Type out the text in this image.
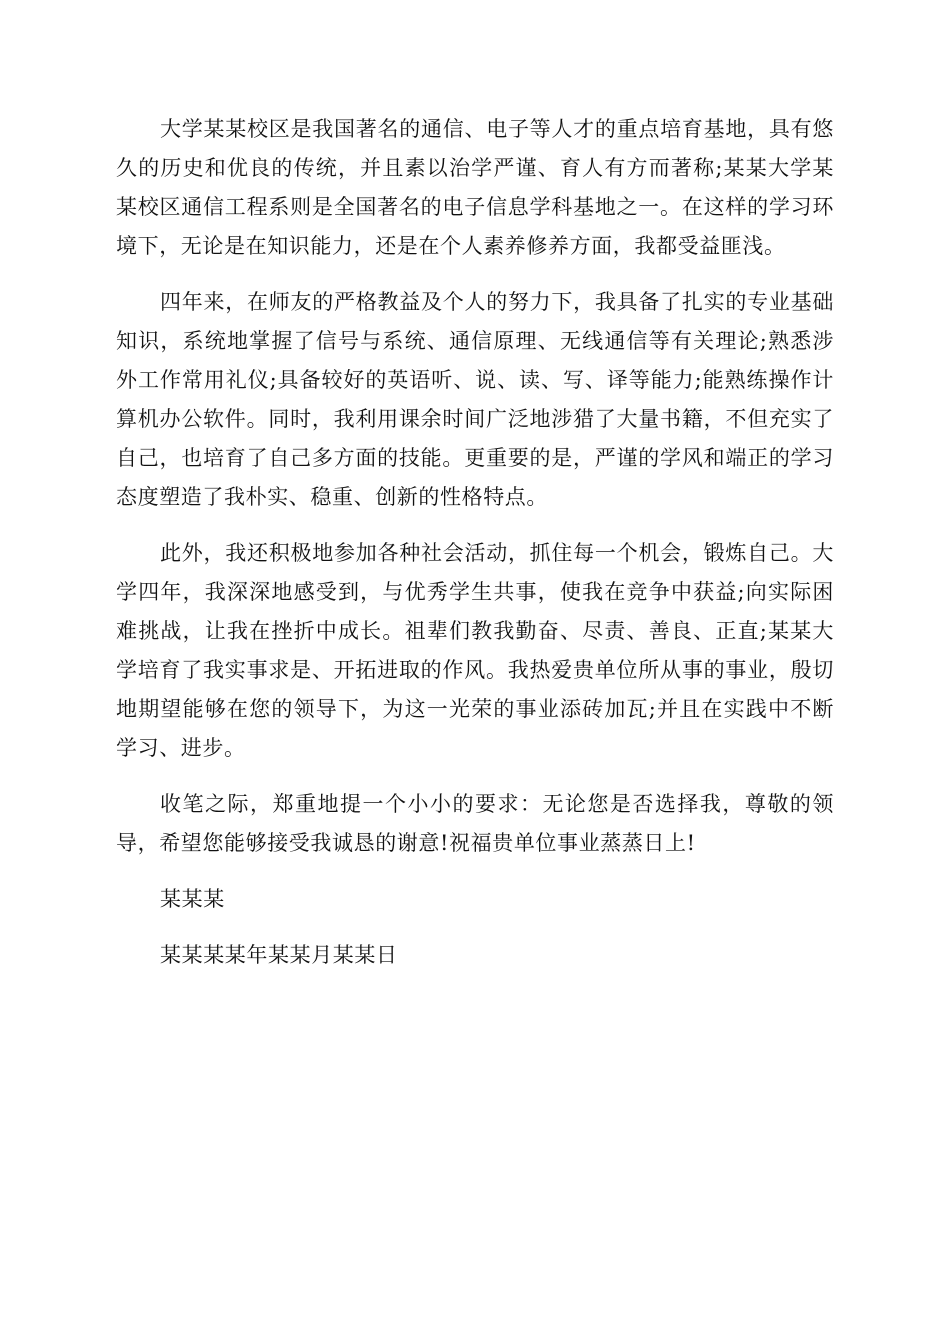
大学某某校区是我国著名的通信、电子等人才的重点培育基地，具有悠久的历史和优良的传统，并且素以治学严谨、育人有方而著称;某某大学某某校区通信工程系则是全国著名的电子信息学科基地之一。在这样的学习环境下，无论是在知识能力，还是在个人素养修养方面，我都受益匪浅。

四年来，在师友的严格教益及个人的努力下，我具备了扎实的专业基础知识，系统地掌握了信号与系统、通信原理、无线通信等有关理论;熟悉涉外工作常用礼仪;具备较好的英语听、说、读、写、译等能力;能熟练操作计算机办公软件。同时，我利用课余时间广泛地涉猎了大量书籍，不但充实了自己，也培育了自己多方面的技能。更重要的是，严谨的学风和端正的学习态度塑造了我朴实、稳重、创新的性格特点。

此外，我还积极地参加各种社会活动，抓住每一个机会，锻炼自己。大学四年，我深深地感受到，与优秀学生共事，使我在竞争中获益;向实际困难挑战，让我在挫折中成长。祖辈们教我勤奋、尽责、善良、正直;某某大学培育了我实事求是、开拓进取的作风。我热爱贵单位所从事的事业，殷切地期望能够在您的领导下，为这一光荣的事业添砖加瓦;并且在实践中不断学习、进步。

收笔之际，郑重地提一个小小的要求：无论您是否选择我，尊敬的领导，希望您能够接受我诚恳的谢意!祝福贵单位事业蒸蒸日上!

某某某

某某某某年某某月某某日
